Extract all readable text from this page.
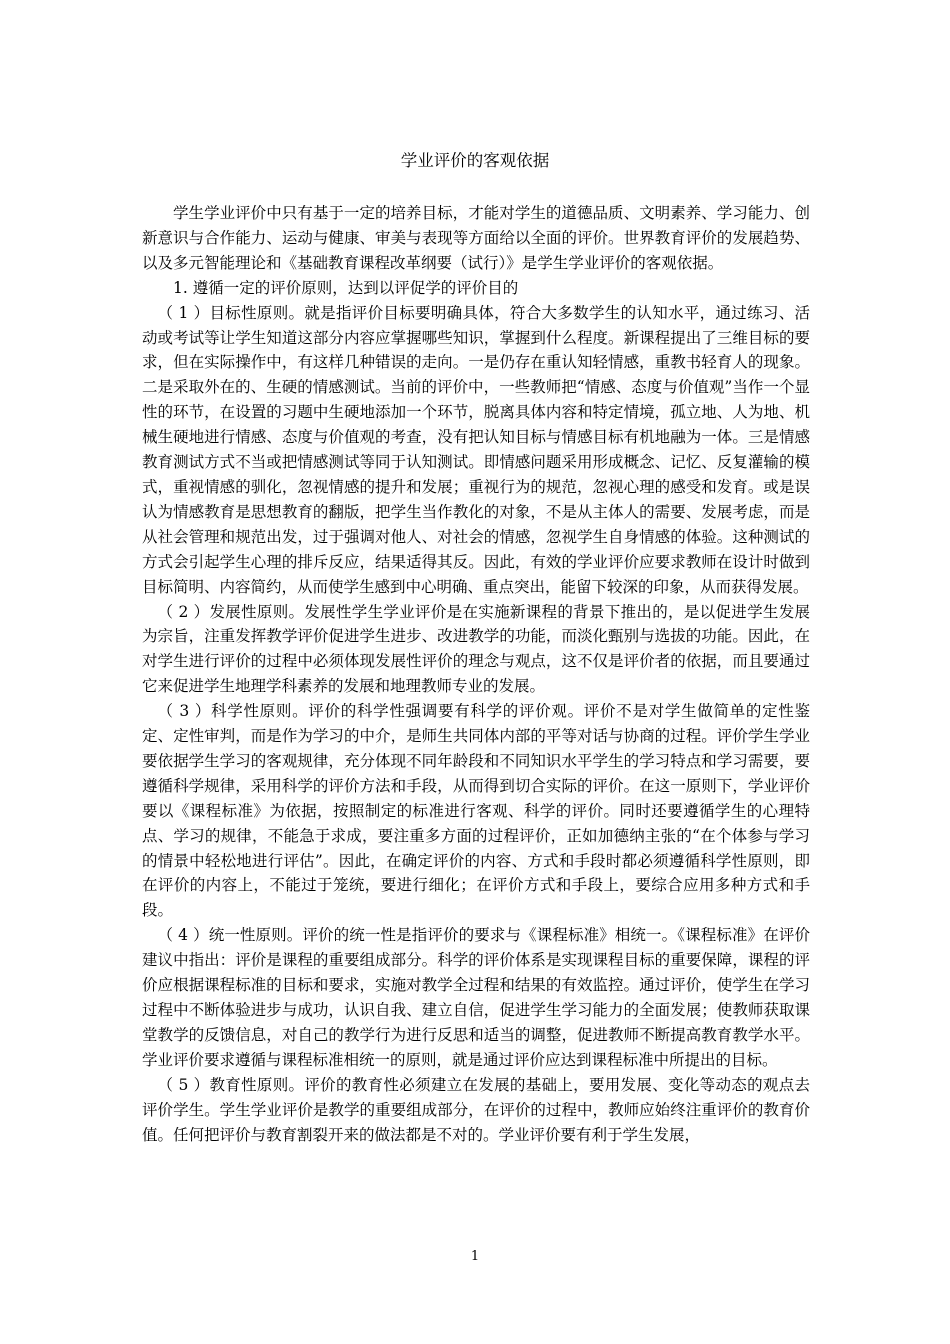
学业评价的客观依据

学生学业评价中只有基于一定的培养目标，才能对学生的道德品质、文明素养、学习能力、创新意识与合作能力、运动与健康、审美与表现等方面给以全面的评价。世界教育评价的发展趋势、以及多元智能理论和《基础教育课程改革纲要（试行）》是学生学业评价的客观依据。

1. 遵循一定的评价原则，达到以评促学的评价目的

（ 1 ）目标性原则。就是指评价目标要明确具体，符合大多数学生的认知水平，通过练习、活动或考试等让学生知道这部分内容应掌握哪些知识，掌握到什么程度。新课程提出了三维目标的要求，但在实际操作中，有这样几种错误的走向。一是仍存在重认知轻情感，重教书轻育人的现象。二是采取外在的、生硬的情感测试。当前的评价中，一些教师把“情感、态度与价值观”当作一个显性的环节，在设置的习题中生硬地添加一个环节，脱离具体内容和特定情境，孤立地、人为地、机械生硬地进行情感、态度与价值观的考查，没有把认知目标与情感目标有机地融为一体。三是情感教育测试方式不当或把情感测试等同于认知测试。即情感问题采用形成概念、记忆、反复灌输的模式，重视情感的驯化，忽视情感的提升和发展；重视行为的规范，忽视心理的感受和发育。或是误认为情感教育是思想教育的翻版，把学生当作教化的对象，不是从主体人的需要、发展考虑，而是从社会管理和规范出发，过于强调对他人、对社会的情感，忽视学生自身情感的体验。这种测试的方式会引起学生心理的排斥反应，结果适得其反。因此，有效的学业评价应要求教师在设计时做到目标简明、内容简约，从而使学生感到中心明确、重点突出，能留下较深的印象，从而获得发展。

（ 2 ）发展性原则。发展性学生学业评价是在实施新课程的背景下推出的，是以促进学生发展为宗旨，注重发挥教学评价促进学生进步、改进教学的功能，而淡化甄别与选拔的功能。因此，在对学生进行评价的过程中必须体现发展性评价的理念与观点，这不仅是评价者的依据，而且要通过它来促进学生地理学科素养的发展和地理教师专业的发展。

（ 3 ）科学性原则。评价的科学性强调要有科学的评价观。评价不是对学生做简单的定性鉴定、定性审判，而是作为学习的中介，是师生共同体内部的平等对话与协商的过程。评价学生学业要依据学生学习的客观规律，充分体现不同年龄段和不同知识水平学生的学习特点和学习需要，要遵循科学规律，采用科学的评价方法和手段，从而得到切合实际的评价。在这一原则下，学业评价要以《课程标准》为依据，按照制定的标准进行客观、科学的评价。同时还要遵循学生的心理特点、学习的规律，不能急于求成，要注重多方面的过程评价，正如加德纳主张的“在个体参与学习的情景中轻松地进行评估”。因此，在确定评价的内容、方式和手段时都必须遵循科学性原则，即在评价的内容上，不能过于笼统，要进行细化；在评价方式和手段上，要综合应用多种方式和手段。

（ 4 ）统一性原则。评价的统一性是指评价的要求与《课程标准》相统一。《课程标准》在评价建议中指出：评价是课程的重要组成部分。科学的评价体系是实现课程目标的重要保障，课程的评价应根据课程标准的目标和要求，实施对教学全过程和结果的有效监控。通过评价，使学生在学习过程中不断体验进步与成功，认识自我、建立自信，促进学生学习能力的全面发展；使教师获取课堂教学的反馈信息，对自己的教学行为进行反思和适当的调整，促进教师不断提高教育教学水平。学业评价要求遵循与课程标准相统一的原则，就是通过评价应达到课程标准中所提出的目标。

（ 5 ）教育性原则。评价的教育性必须建立在发展的基础上，要用发展、变化等动态的观点去评价学生。学生学业评价是教学的重要组成部分，在评价的过程中，教师应始终注重评价的教育价值。任何把评价与教育割裂开来的做法都是不对的。学业评价要有利于学生发展，

1
